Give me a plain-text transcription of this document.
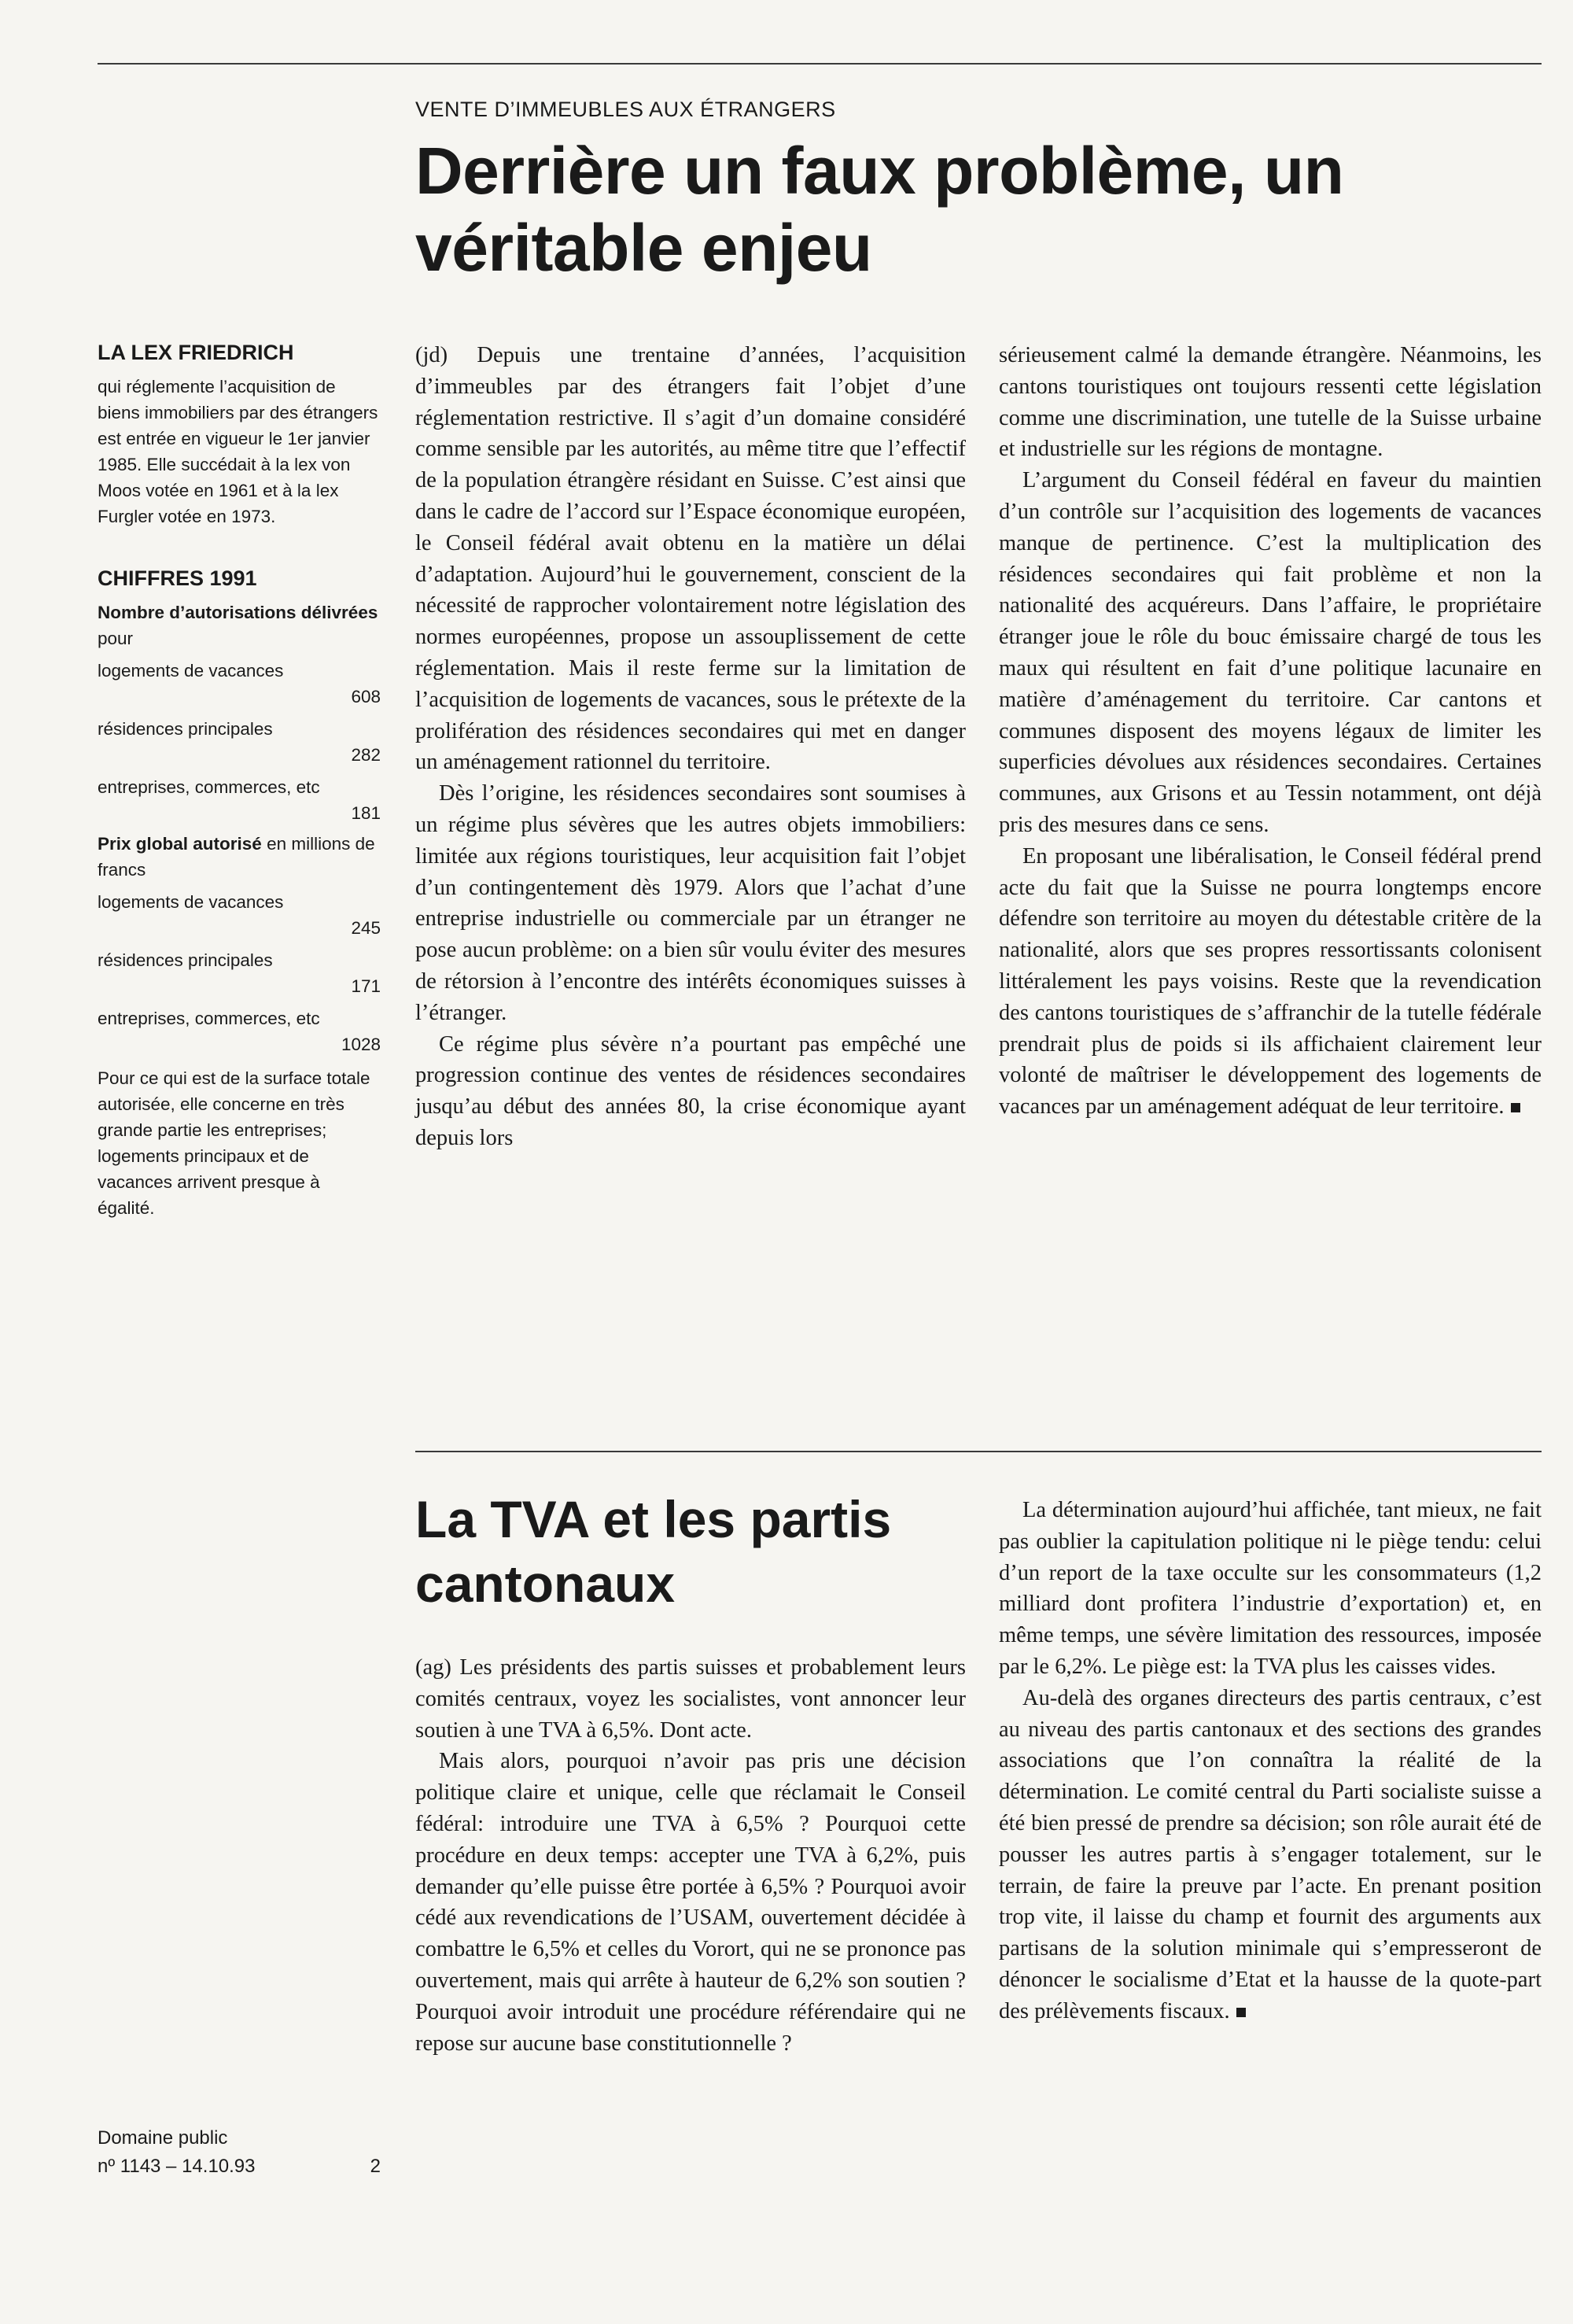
VENTE D’IMMEUBLES AUX ÉTRANGERS
Derrière un faux problème, un véritable enjeu

(jd) Depuis une trentaine d’années, l’acquisition d’immeubles par des étrangers fait l’objet d’une réglementation restrictive. Il s’agit d’un domaine considéré comme sensible par les autorités, au même titre que l’effectif de la population étrangère résidant en Suisse. C’est ainsi que dans le cadre de l’accord sur l’Espace économique européen, le Conseil fédéral avait obtenu en la matière un délai d’adaptation. Aujourd’hui le gouvernement, conscient de la nécessité de rapprocher volontairement notre législation des normes européennes, propose un assouplissement de cette réglementation. Mais il reste ferme sur la limitation de l’acquisition de logements de vacances, sous le prétexte de la prolifération des résidences secondaires qui met en danger un aménagement rationnel du territoire.

Dès l’origine, les résidences secondaires sont soumises à un régime plus sévères que les autres objets immobiliers: limitée aux régions touristiques, leur acquisition fait l’objet d’un contingentement dès 1979. Alors que l’achat d’une entreprise industrielle ou commerciale par un étranger ne pose aucun problème: on a bien sûr voulu éviter des mesures de rétorsion à l’encontre des intérêts économiques suisses à l’étranger.

Ce régime plus sévère n’a pourtant pas empêché une progression continue des ventes de résidences secondaires jusqu’au début des années 80, la crise économique ayant depuis lors

sérieusement calmé la demande étrangère. Néanmoins, les cantons touristiques ont toujours ressenti cette législation comme une discrimination, une tutelle de la Suisse urbaine et industrielle sur les régions de montagne.

L’argument du Conseil fédéral en faveur du maintien d’un contrôle sur l’acquisition des logements de vacances manque de pertinence. C’est la multiplication des résidences secondaires qui fait problème et non la nationalité des acquéreurs. Dans l’affaire, le propriétaire étranger joue le rôle du bouc émissaire chargé de tous les maux qui résultent en fait d’une politique lacunaire en matière d’aménagement du territoire. Car cantons et communes disposent des moyens légaux de limiter les superficies dévolues aux résidences secondaires. Certaines communes, aux Grisons et au Tessin notamment, ont déjà pris des mesures dans ce sens.

En proposant une libéralisation, le Conseil fédéral prend acte du fait que la Suisse ne pourra longtemps encore défendre son territoire au moyen du détestable critère de la nationalité, alors que ses propres ressortissants colonisent littéralement les pays voisins. Reste que la revendication des cantons touristiques de s’affranchir de la tutelle fédérale prendrait plus de poids si ils affichaient clairement leur volonté de maîtriser le développement des logements de vacances par un aménagement adéquat de leur territoire.

LA LEX FRIEDRICH

qui réglemente l’acquisition de biens immobiliers par des étrangers est entrée en vigueur le 1er janvier 1985. Elle succédait à la lex von Moos votée en 1961 et à la lex Furgler votée en 1973.

CHIFFRES 1991
Nombre d’autorisations délivrées pour
logements de vacances
608
résidences principales
282
entreprises, commerces, etc
181
Prix global autorisé en millions de francs
logements de vacances
245
résidences principales
171
entreprises, commerces, etc
1028

Pour ce qui est de la surface totale autorisée, elle concerne en très grande partie les entreprises; logements principaux et de vacances arrivent presque à égalité.

La TVA et les partis cantonaux

(ag) Les présidents des partis suisses et probablement leurs comités centraux, voyez les socialistes, vont annoncer leur soutien à une TVA à 6,5%. Dont acte.

Mais alors, pourquoi n’avoir pas pris une décision politique claire et unique, celle que réclamait le Conseil fédéral: introduire une TVA à 6,5% ? Pourquoi cette procédure en deux temps: accepter une TVA à 6,2%, puis demander qu’elle puisse être portée à 6,5% ? Pourquoi avoir cédé aux revendications de l’USAM, ouvertement décidée à combattre le 6,5% et celles du Vorort, qui ne se prononce pas ouvertement, mais qui arrête à hauteur de 6,2% son soutien ? Pourquoi avoir introduit une procédure référendaire qui ne repose sur aucune base constitutionnelle ?

La détermination aujourd’hui affichée, tant mieux, ne fait pas oublier la capitulation politique ni le piège tendu: celui d’un report de la taxe occulte sur les consommateurs (1,2 milliard dont profitera l’industrie d’exportation) et, en même temps, une sévère limitation des ressources, imposée par le 6,2%. Le piège est: la TVA plus les caisses vides.

Au-delà des organes directeurs des partis centraux, c’est au niveau des partis cantonaux et des sections des grandes associations que l’on connaîtra la réalité de la détermination. Le comité central du Parti socialiste suisse a été bien pressé de prendre sa décision; son rôle aurait été de pousser les autres partis à s’engager totalement, sur le terrain, de faire la preuve par l’acte. En prenant position trop vite, il laisse du champ et fournit des arguments aux partisans de la solution minimale qui s’empresseront de dénoncer le socialisme d’Etat et la hausse de la quote-part des prélèvements fiscaux.

Domaine public
nº 1143 – 14.10.93	2
